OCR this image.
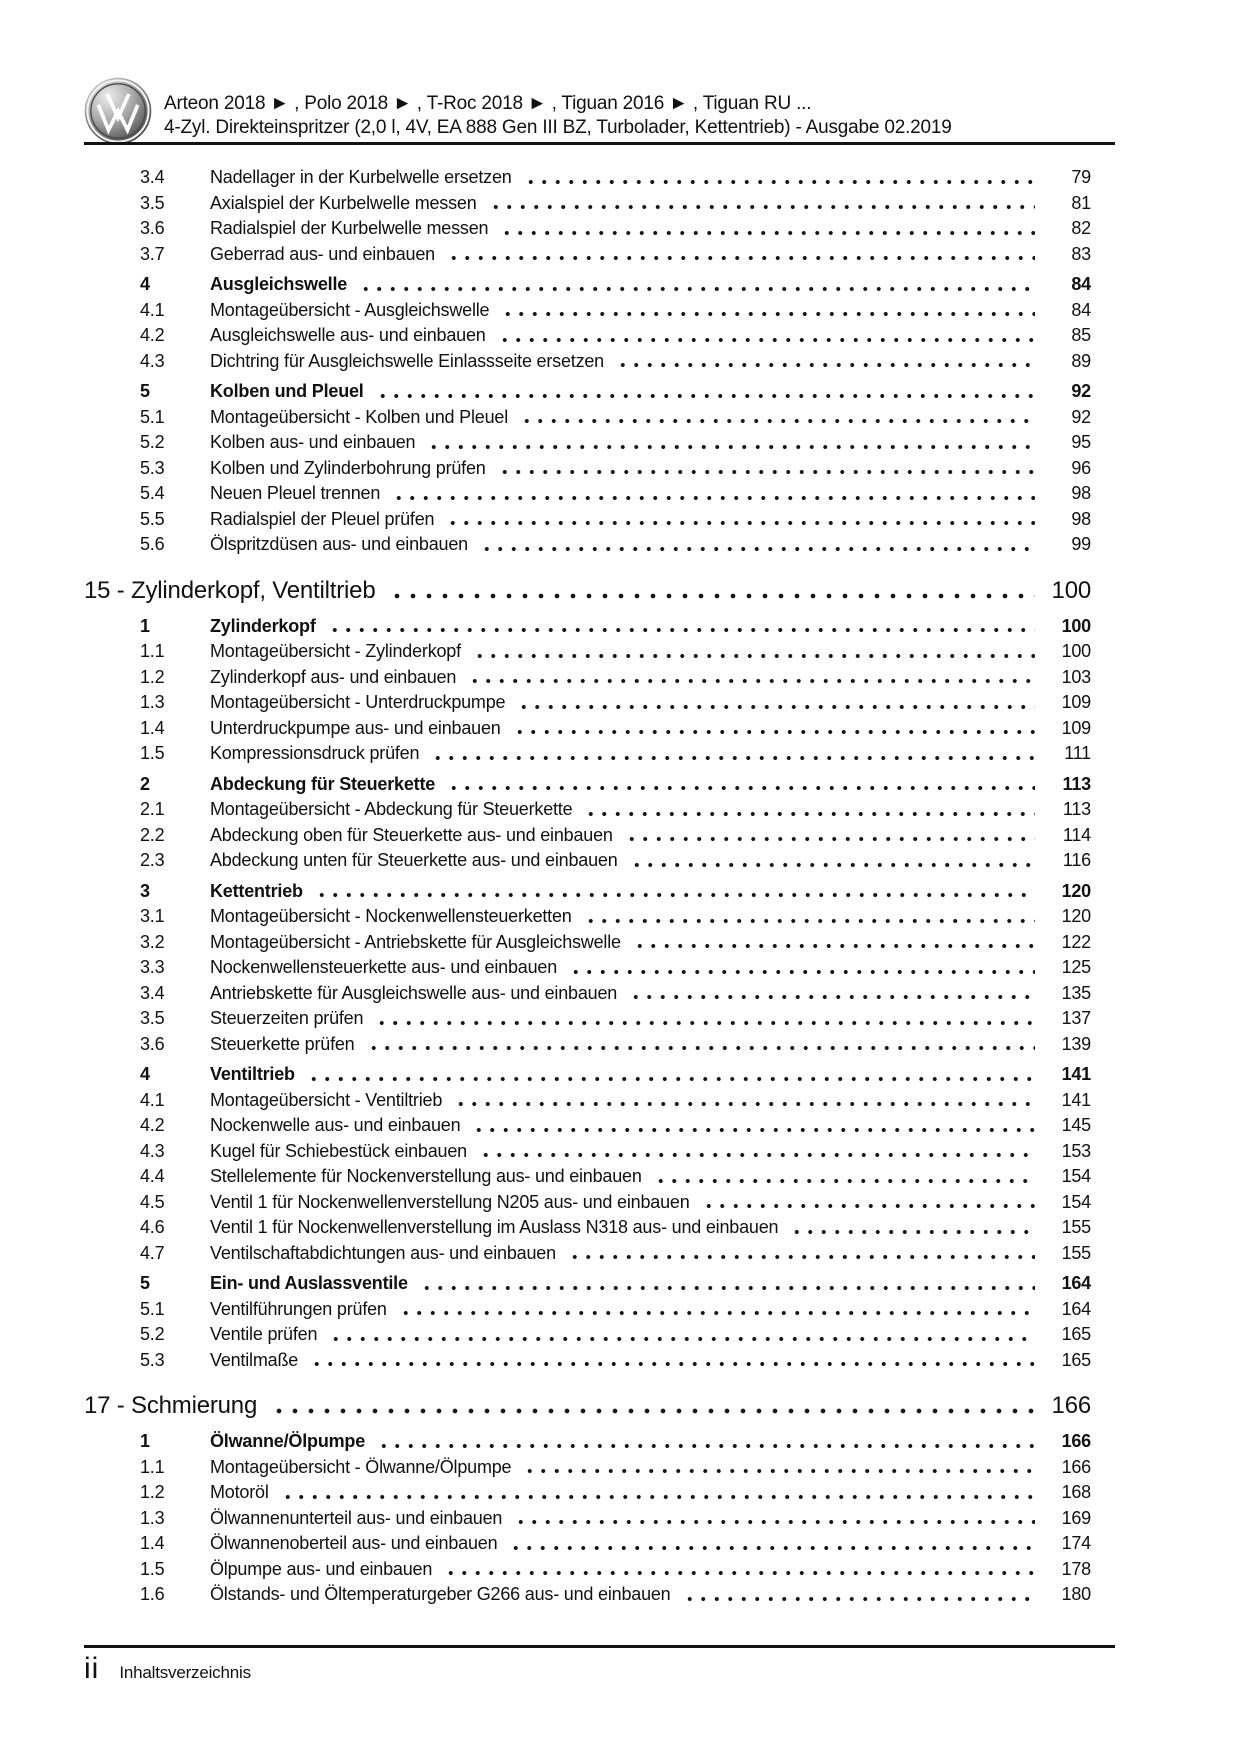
Arteon 2018 ► , Polo 2018 ► , T-Roc 2018 ► , Tiguan 2016 ► , Tiguan RU ...
4-Zyl. Direkteinspritzer (2,0 l, 4V, EA 888 Gen III BZ, Turbolader, Kettentrieb) - Ausgabe 02.2019
3.4	Nadellager in der Kurbelwelle ersetzen	79
3.5	Axialspiel der Kurbelwelle messen	81
3.6	Radialspiel der Kurbelwelle messen	82
3.7	Geberrad aus- und einbauen	83
4	Ausgleichswelle	84
4.1	Montageübersicht - Ausgleichswelle	84
4.2	Ausgleichswelle aus- und einbauen	85
4.3	Dichtring für Ausgleichswelle Einlassseite ersetzen	89
5	Kolben und Pleuel	92
5.1	Montageübersicht - Kolben und Pleuel	92
5.2	Kolben aus- und einbauen	95
5.3	Kolben und Zylinderbohrung prüfen	96
5.4	Neuen Pleuel trennen	98
5.5	Radialspiel der Pleuel prüfen	98
5.6	Ölspritzdüsen aus- und einbauen	99
15 - Zylinderkopf, Ventiltrieb	100
1	Zylinderkopf	100
1.1	Montageübersicht - Zylinderkopf	100
1.2	Zylinderkopf aus- und einbauen	103
1.3	Montageübersicht - Unterdruckpumpe	109
1.4	Unterdruckpumpe aus- und einbauen	109
1.5	Kompressionsdruck prüfen	111
2	Abdeckung für Steuerkette	113
2.1	Montageübersicht - Abdeckung für Steuerkette	113
2.2	Abdeckung oben für Steuerkette aus- und einbauen	114
2.3	Abdeckung unten für Steuerkette aus- und einbauen	116
3	Kettentrieb	120
3.1	Montageübersicht - Nockenwellensteuerketten	120
3.2	Montageübersicht - Antriebskette für Ausgleichswelle	122
3.3	Nockenwellensteuerkette aus- und einbauen	125
3.4	Antriebskette für Ausgleichswelle aus- und einbauen	135
3.5	Steuerzeiten prüfen	137
3.6	Steuerkette prüfen	139
4	Ventiltrieb	141
4.1	Montageübersicht - Ventiltrieb	141
4.2	Nockenwelle aus- und einbauen	145
4.3	Kugel für Schiebestück einbauen	153
4.4	Stellelemente für Nockenverstellung aus- und einbauen	154
4.5	Ventil 1 für Nockenwellenverstellung N205 aus- und einbauen	154
4.6	Ventil 1 für Nockenwellenverstellung im Auslass N318 aus- und einbauen	155
4.7	Ventilschaftabdichtungen aus- und einbauen	155
5	Ein- und Auslassventile	164
5.1	Ventilführungen prüfen	164
5.2	Ventile prüfen	165
5.3	Ventilmaße	165
17 - Schmierung	166
1	Ölwanne/Ölpumpe	166
1.1	Montageübersicht - Ölwanne/Ölpumpe	166
1.2	Motoröl	168
1.3	Ölwannenunterteil aus- und einbauen	169
1.4	Ölwannenoberteil aus- und einbauen	174
1.5	Ölpumpe aus- und einbauen	178
1.6	Ölstands- und Öltemperaturgeber G266 aus- und einbauen	180
ii Inhaltsverzeichnis
